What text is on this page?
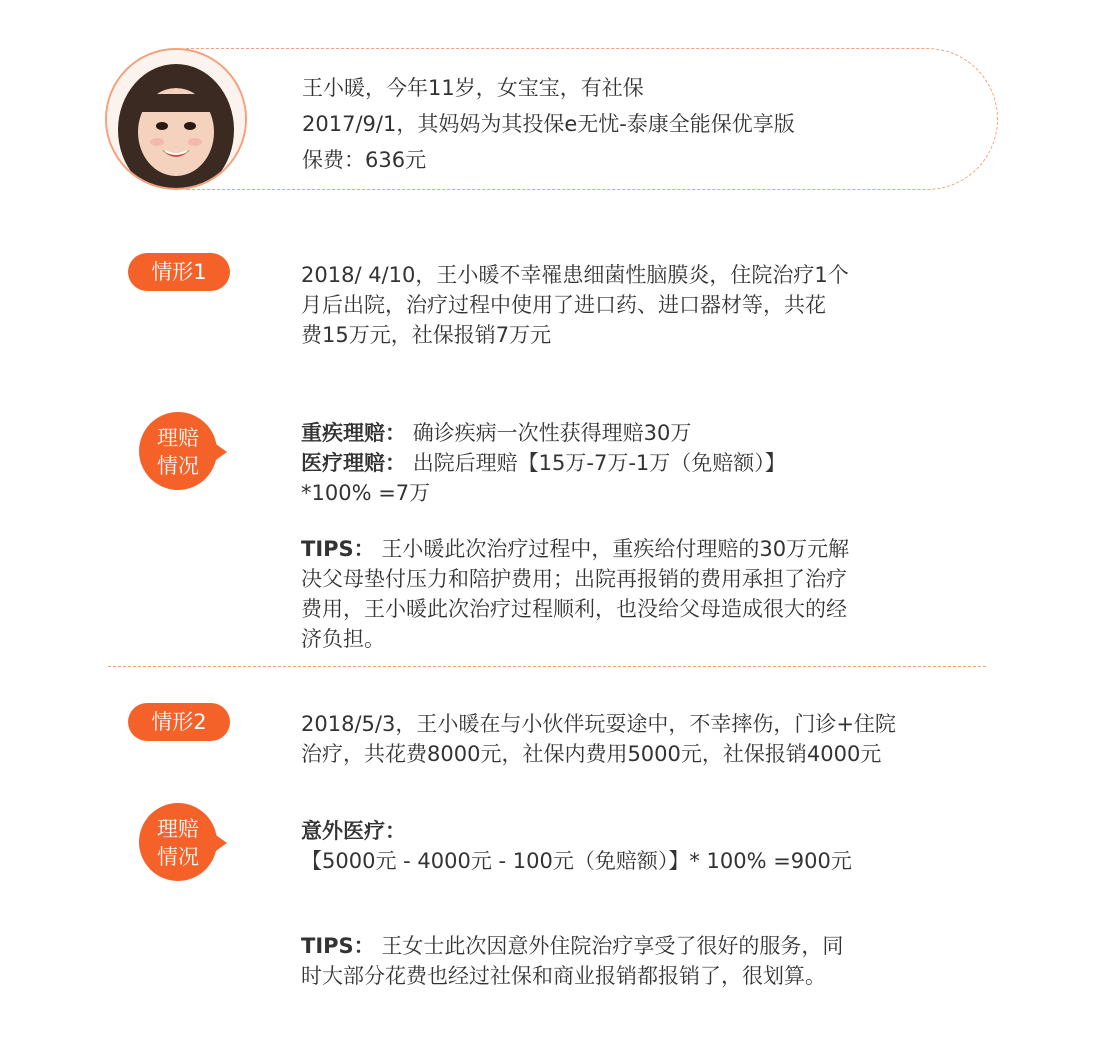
王小暖，今年11岁，女宝宝，有社保
2017/9/1，其妈妈为其投保e无忧-泰康全能保优享版
保费：636元
情形1	2018/ 4/10，王小暖不幸罹患细菌性脑膜炎，住院治疗1个
月后出院，治疗过程中使用了进口药、进口器材等，共花
费15万元，社保报销7万元
理赔
情况
重疾理赔： 确诊疾病一次性获得理赔30万
医疗理赔： 出院后理赔【15万-7万-1万（免赔额）】
*100% =7万
TIPS： 王小暖此次治疗过程中，重疾给付理赔的30万元解
决父母垫付压力和陪护费用；出院再报销的费用承担了治疗
费用，王小暖此次治疗过程顺利，也没给父母造成很大的经
济负担。
情形2	2018/5/3，王小暖在与小伙伴玩耍途中，不幸摔伤，门诊+住院
治疗，共花费8000元，社保内费用5000元，社保报销4000元
理赔
情况
意外医疗：
【5000元 - 4000元 - 100元（免赔额）】* 100% =900元
TIPS： 王女士此次因意外住院治疗享受了很好的服务，同
时大部分花费也经过社保和商业报销都报销了，很划算。
